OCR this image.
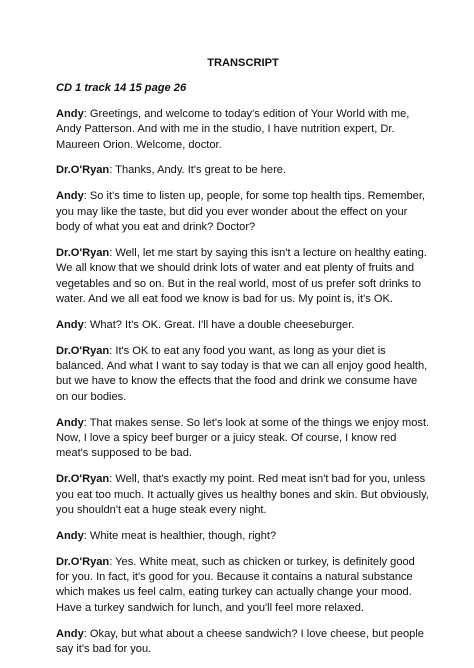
TRANSCRIPT
CD 1 track 14 15 page 26

Andy: Greetings, and welcome to today's edition of Your World with me, Andy Patterson. And with me in the studio, I have nutrition expert, Dr. Maureen Orion. Welcome, doctor.

Dr.O'Ryan: Thanks, Andy. It's great to be here.

Andy: So it's time to listen up, people, for some top health tips. Remember, you may like the taste, but did you ever wonder about the effect on your body of what you eat and drink? Doctor?

Dr.O'Ryan: Well, let me start by saying this isn't a lecture on healthy eating. We all know that we should drink lots of water and eat plenty of fruits and vegetables and so on. But in the real world, most of us prefer soft drinks to water. And we all eat food we know is bad for us. My point is, it's OK.

Andy: What? It's OK. Great. I'll have a double cheeseburger.

Dr.O'Ryan: It's OK to eat any food you want, as long as your diet is balanced. And what I want to say today is that we can all enjoy good health, but we have to know the effects that the food and drink we consume have on our bodies.

Andy: That makes sense. So let's look at some of the things we enjoy most. Now, I love a spicy beef burger or a juicy steak. Of course, I know red meat's supposed to be bad.

Dr.O'Ryan: Well, that's exactly my point. Red meat isn't bad for you, unless you eat too much. It actually gives us healthy bones and skin. But obviously, you shouldn't eat a huge steak every night.

Andy: White meat is healthier, though, right?

Dr.O'Ryan: Yes. White meat, such as chicken or turkey, is definitely good for you. In fact, it's good for you. Because it contains a natural substance which makes us feel calm, eating turkey can actually change your mood. Have a turkey sandwich for lunch, and you'll feel more relaxed.

Andy: Okay, but what about a cheese sandwich? I love cheese, but people say it's bad for you.
